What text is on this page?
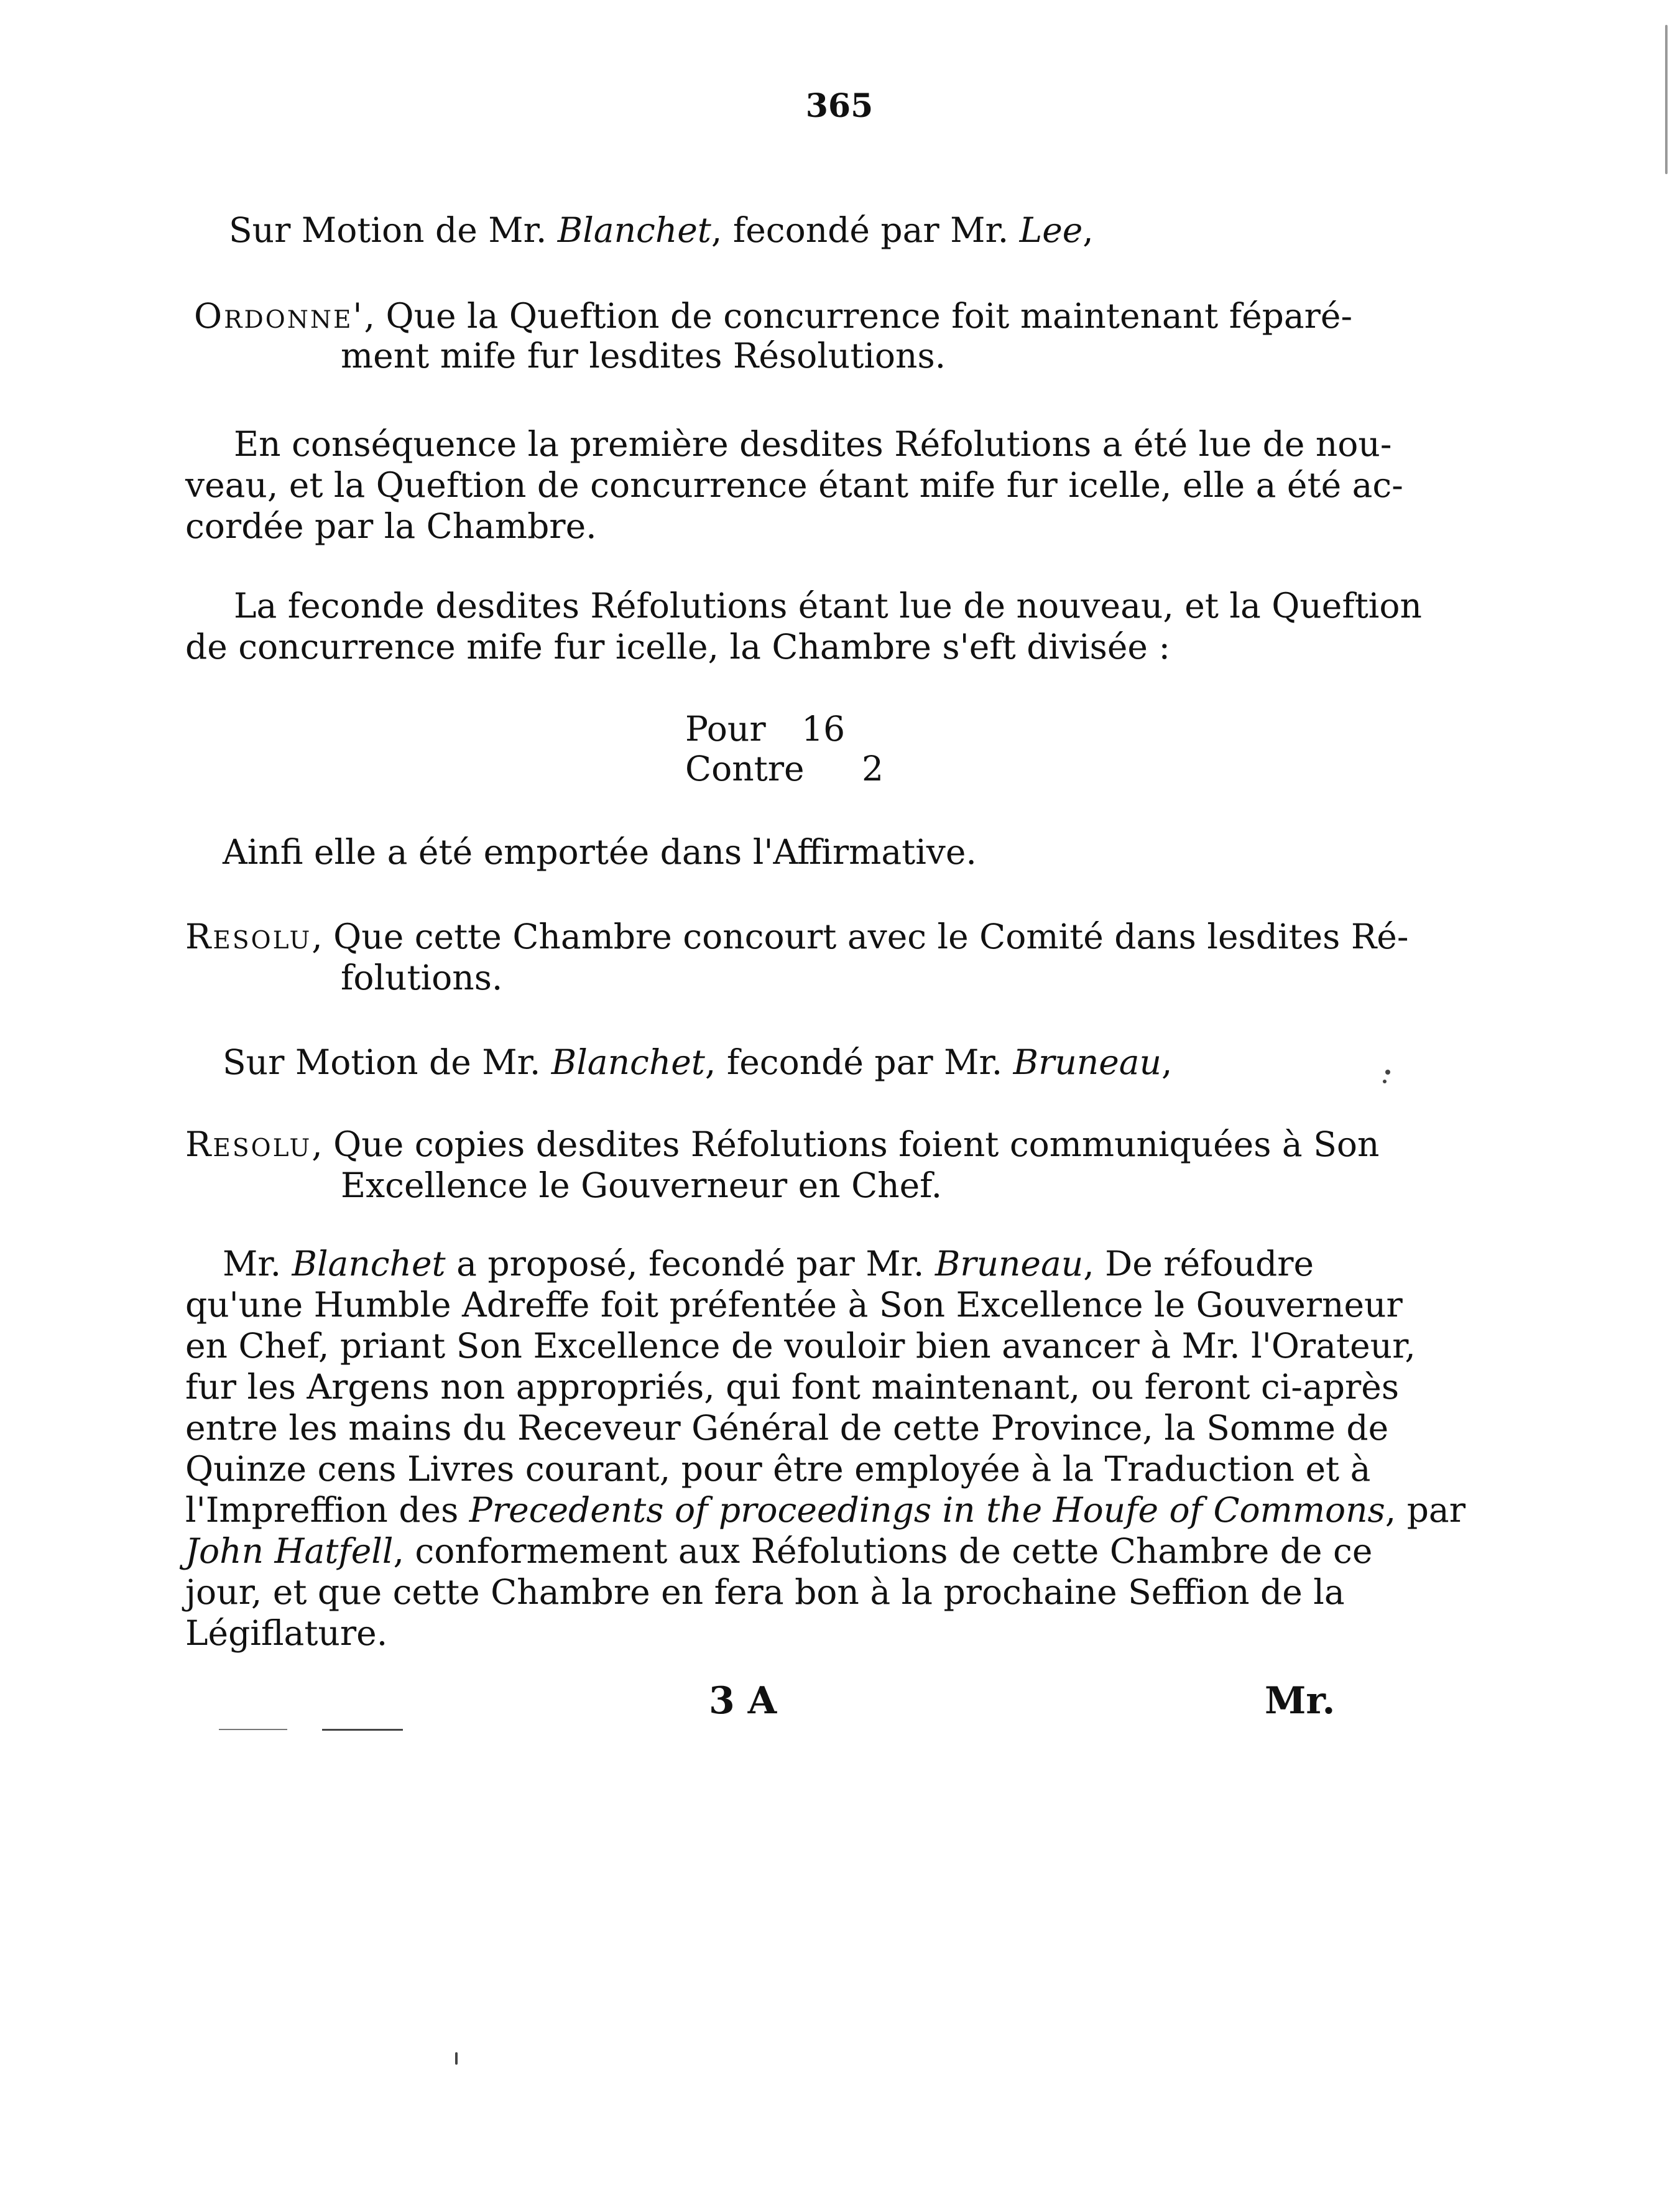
365
Sur Motion de Mr. Blanchet, fecondé par Mr. Lee,
Ordonne', Que la Queftion de concurrence foit maintenant féparé-
ment mife fur lesdites Résolutions.
En conséquence la première desdites Réfolutions a été lue de nou-
veau, et la Queftion de concurrence étant mife fur icelle, elle a été ac-
cordée par la Chambre.
La feconde desdites Réfolutions étant lue de nouveau, et la Queftion
de concurrence mife fur icelle, la Chambre s'eft divisée :
Pour 16
Contre 2
Ainfi elle a été emportée dans l'Affirmative.
Resolu, Que cette Chambre concourt avec le Comité dans lesdites Ré-
folutions.
Sur Motion de Mr. Blanchet, fecondé par Mr. Bruneau,
Resolu, Que copies desdites Réfolutions foient communiquées à Son
Excellence le Gouverneur en Chef.
Mr. Blanchet a proposé, fecondé par Mr. Bruneau, De réfoudre
qu'une Humble Adreffe foit préfentée à Son Excellence le Gouverneur
en Chef, priant Son Excellence de vouloir bien avancer à Mr. l'Orateur,
fur les Argens non appropriés, qui font maintenant, ou feront ci-après
entre les mains du Receveur Général de cette Province, la Somme de
Quinze cens Livres courant, pour être employée à la Traduction et à
l'Impreffion des Precedents of proceedings in the Houfe of Commons, par
John Hatfell, conformement aux Réfolutions de cette Chambre de ce
jour, et que cette Chambre en fera bon à la prochaine Seffion de la
Légiflature.
3 A	Mr.
